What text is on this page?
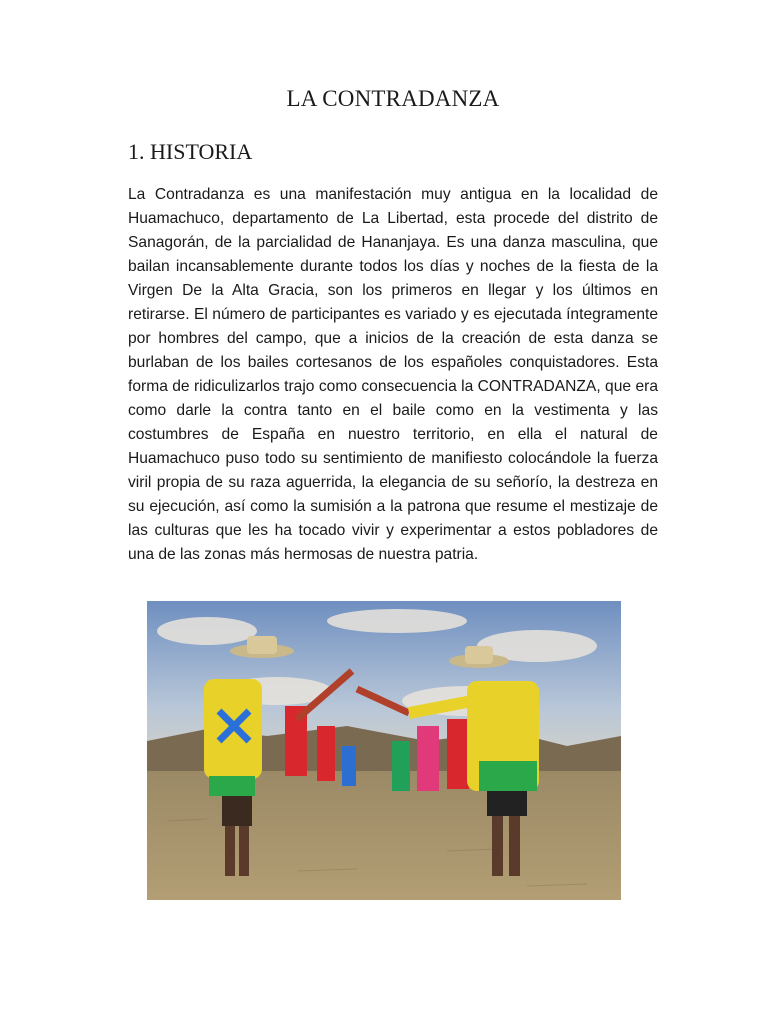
LA CONTRADANZA
1. HISTORIA

La Contradanza es una manifestación muy antigua en la localidad de Huamachuco, departamento de La Libertad, esta procede del distrito de Sanagorán, de la parcialidad de Hananjaya. Es una danza masculina, que bailan incansablemente durante todos los días y noches de la fiesta de la Virgen De la Alta Gracia, son los primeros en llegar y los últimos en retirarse. El número de participantes es variado y es ejecutada íntegramente por hombres del campo, que a inicios de la creación de esta danza se burlaban de los bailes cortesanos de los españoles conquistadores. Esta forma de ridiculizarlos trajo como consecuencia la CONTRADANZA, que era como darle la contra tanto en el baile como en la vestimenta y las costumbres de España en nuestro territorio, en ella el natural de Huamachuco puso todo su sentimiento de manifiesto colocándole la fuerza viril propia de su raza aguerrida, la elegancia de su señorío, la destreza en su ejecución, así como la sumisión a la patrona que resume el mestizaje de las culturas que les ha tocado vivir y experimentar a estos pobladores de una de las zonas más hermosas de nuestra patria.
